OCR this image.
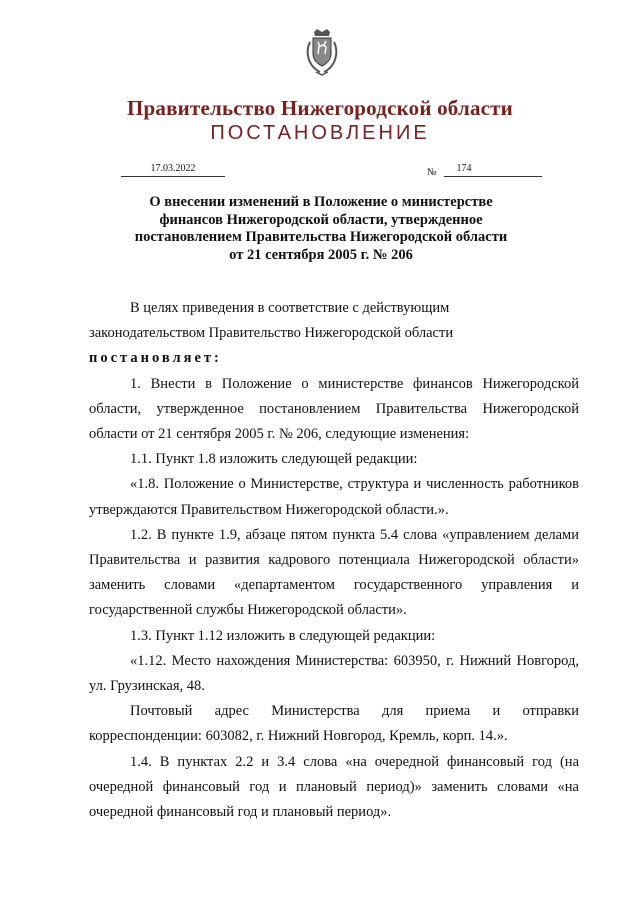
Правительство Нижегородской области
ПОСТАНОВЛЕНИЕ
17.03.2022	№	174
О внесении изменений в Положение о министерстве
финансов Нижегородской области, утвержденное
постановлением Правительства Нижегородской области
от 21 сентября 2005 г. № 206

В целях приведения в соответствие с действующим

законодательством Правительство Нижегородской области

постановляет:

1. Внести в Положение о министерстве финансов Нижегородской области, утвержденное постановлением Правительства Нижегородской области от 21 сентября 2005 г. № 206, следующие изменения:

1.1. Пункт 1.8 изложить следующей редакции:

«1.8. Положение о Министерстве, структура и численность работников утверждаются Правительством Нижегородской области.».

1.2. В пункте 1.9, абзаце пятом пункта 5.4 слова «управлением делами Правительства и развития кадрового потенциала Нижегородской области» заменить словами «департаментом государственного управления и государственной службы Нижегородской области».

1.3. Пункт 1.12 изложить в следующей редакции:

«1.12. Место нахождения Министерства: 603950, г. Нижний Новгород, ул. Грузинская, 48.

Почтовый адрес Министерства для приема и отправки корреспонденции: 603082, г. Нижний Новгород, Кремль, корп. 14.».

1.4. В пунктах 2.2 и 3.4 слова «на очередной финансовый год (на очередной финансовый год и плановый период)» заменить словами «на очередной финансовый год и плановый период».
